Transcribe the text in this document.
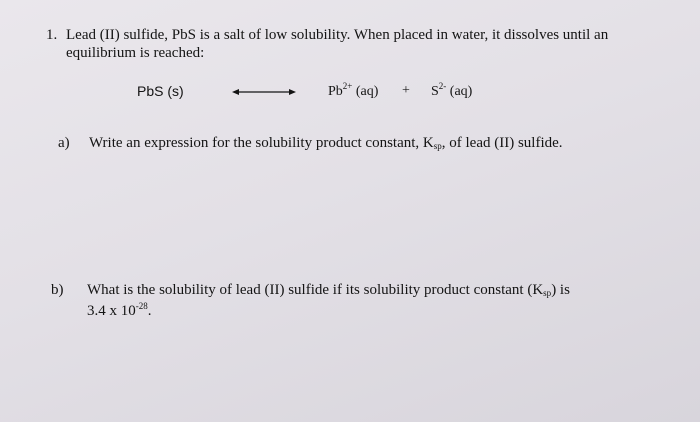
1. Lead (II) sulfide, PbS is a salt of low solubility. When placed in water, it dissolves until an
equilibrium is reached:
PbS (s)	$Pb^{2+}$ $(aq) + S^{2-}$ (aq)
a) Write an expression for the solubility product constant, $K_{sp}$, of lead (II) sulfide.
b) What is the solubility of lead (II) sulfide if its solubility product constant $(K_{sp})$ is
3.4 x $10^{-28}$.
